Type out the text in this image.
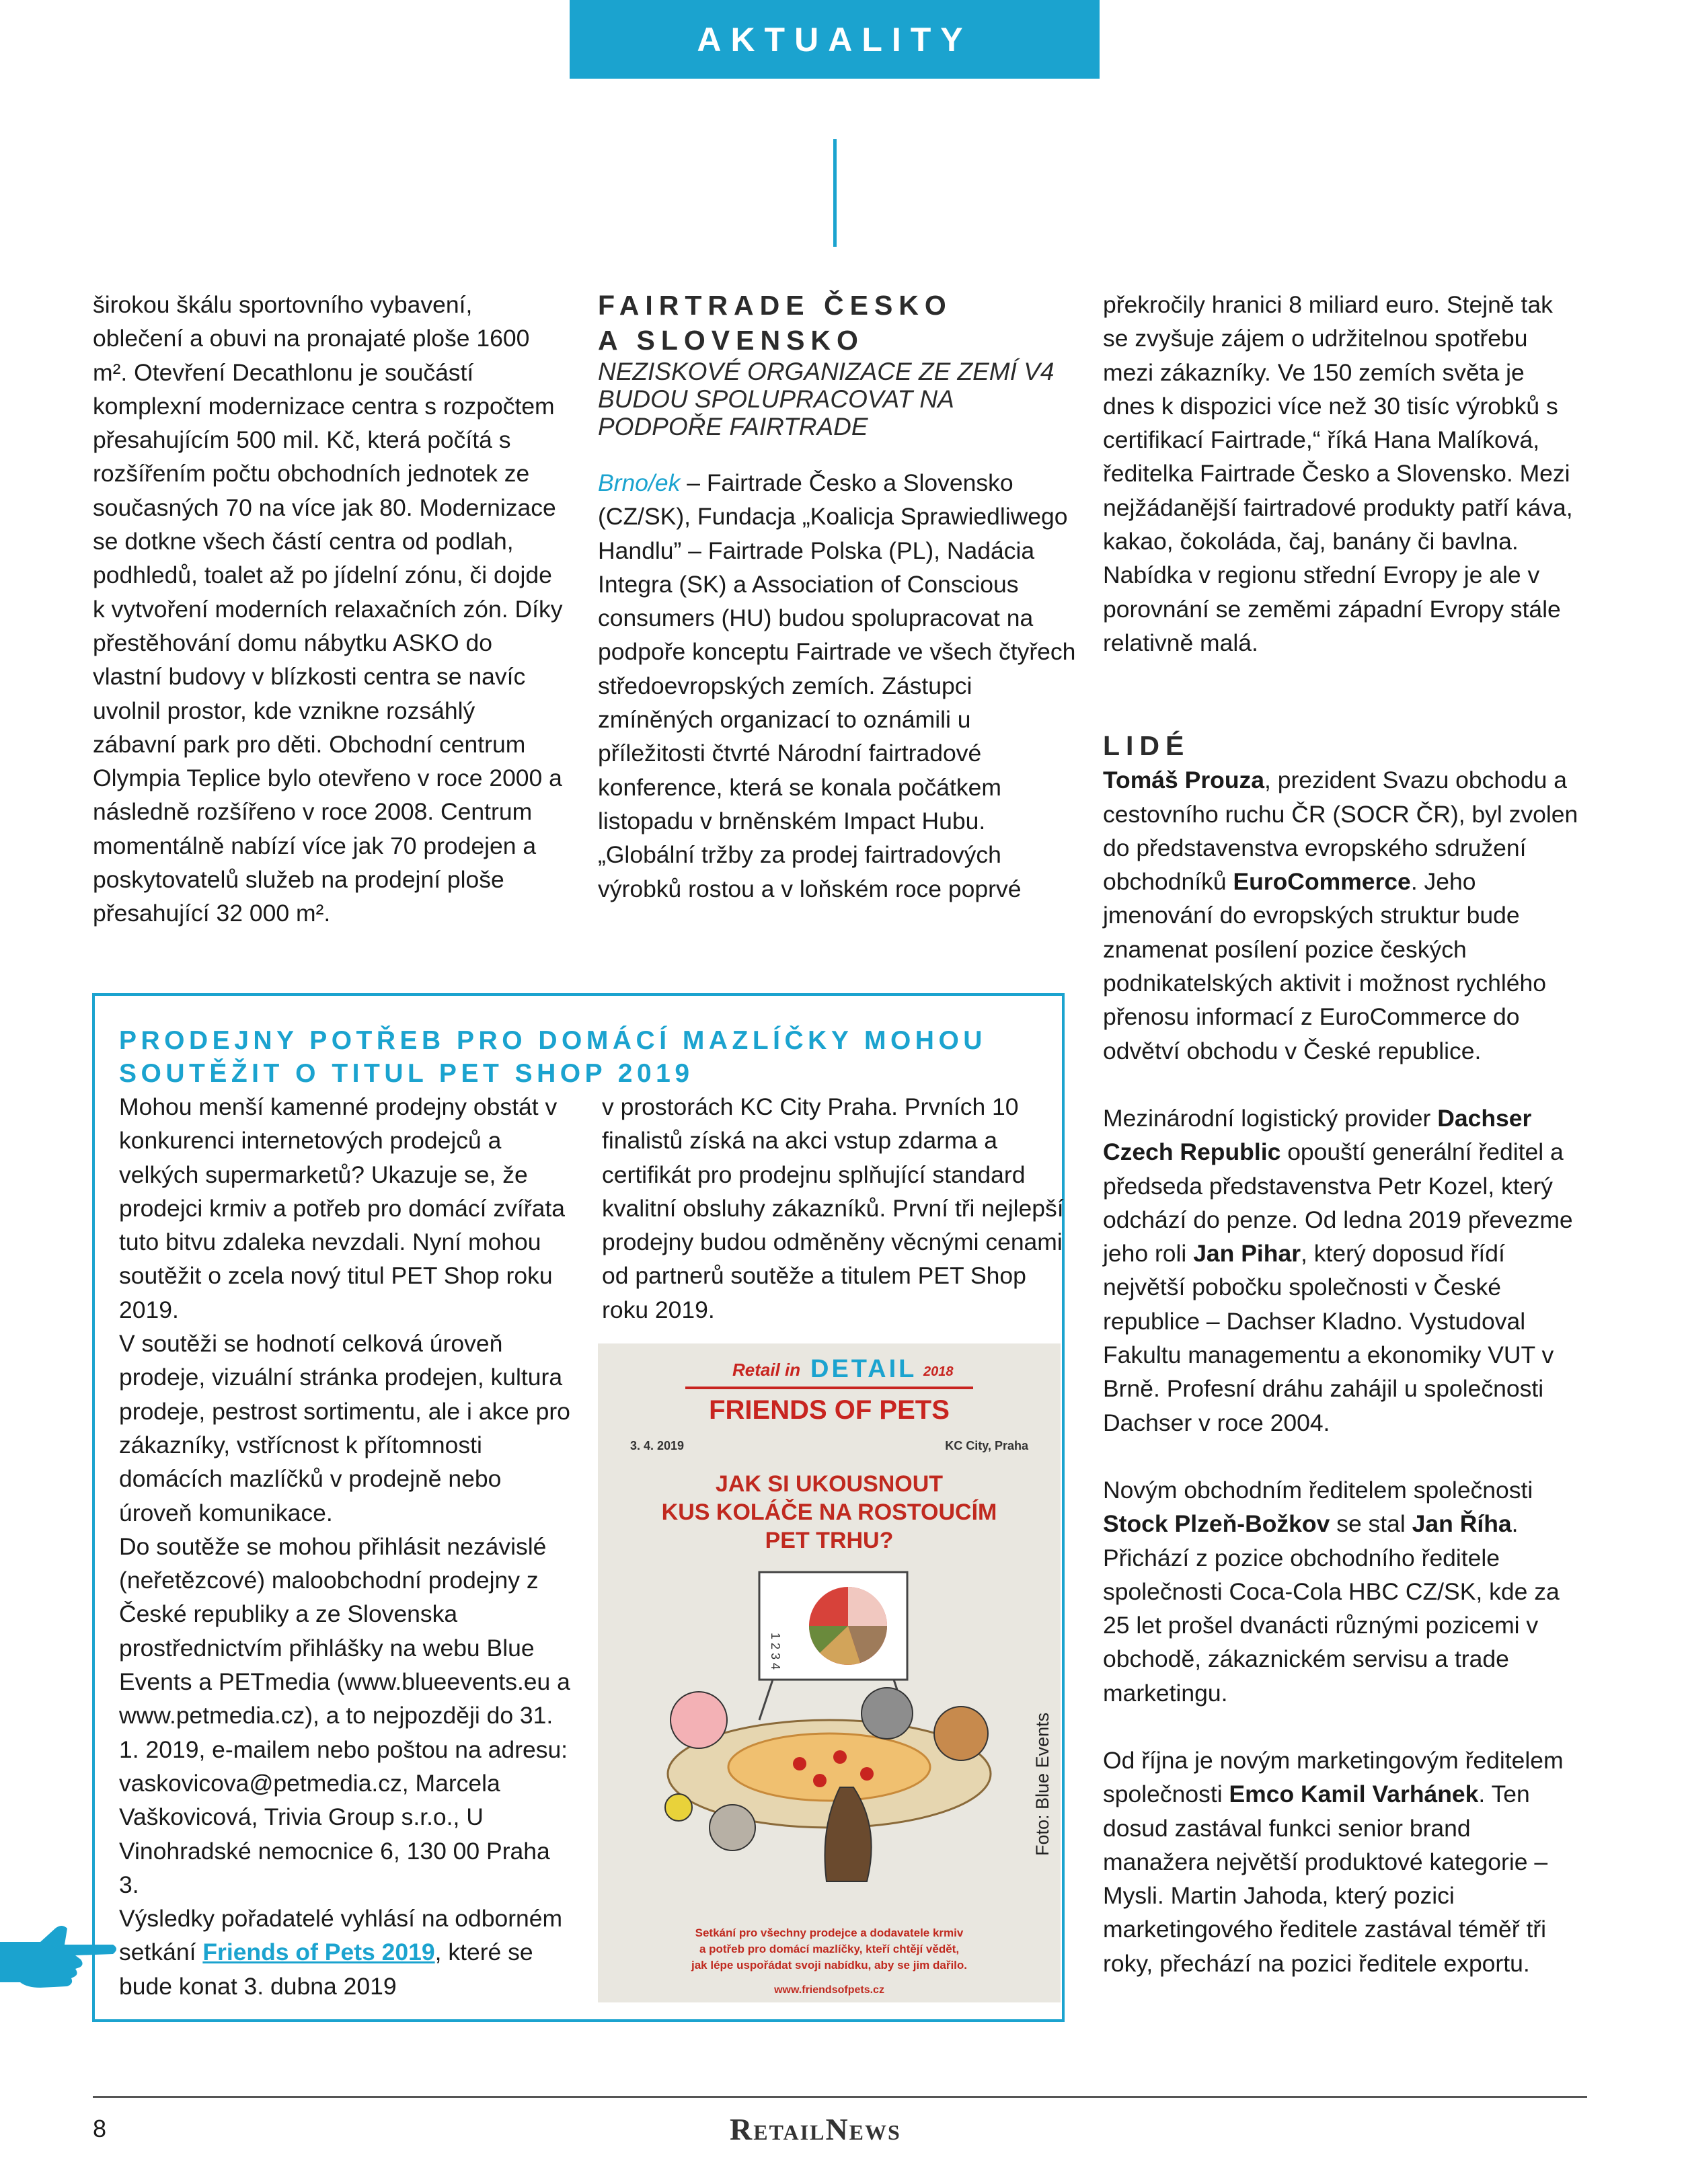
AKTUALITY

širokou škálu sportovního vybavení, oblečení a obuvi na pronajaté ploše 1600 m². Otevření Decathlonu je součástí komplexní modernizace centra s rozpočtem přesahujícím 500 mil. Kč, která počítá s rozšířením počtu obchodních jednotek ze současných 70 na více jak 80. Modernizace se dotkne všech částí centra od podlah, podhledů, toalet až po jídelní zónu, či dojde k vytvoření moderních relaxačních zón. Díky přestěhování domu nábytku ASKO do vlastní budovy v blízkosti centra se navíc uvolnil prostor, kde vznikne rozsáhlý zábavní park pro děti. Obchodní centrum Olympia Teplice bylo otevřeno v roce 2000 a následně rozšířeno v roce 2008. Centrum momentálně nabízí více jak 70 prodejen a poskytovatelů služeb na prodejní ploše přesahující 32 000 m².

FAIRTRADE ČESKO
A SLOVENSKO

NEZISKOVÉ ORGANIZACE ZE ZEMÍ V4 BUDOU SPOLUPRACOVAT NA PODPOŘE FAIRTRADE

Brno/ek – Fairtrade Česko a Slovensko (CZ/SK), Fundacja „Koalicja Sprawiedliwego Handlu” – Fairtrade Polska (PL), Nadácia Integra (SK) a Association of Conscious consumers (HU) budou spolupracovat na podpoře konceptu Fairtrade ve všech čtyřech středoevropských zemích. Zástupci zmíněných organizací to oznámili u příležitosti čtvrté Národní fairtradové konference, která se konala počátkem listopadu v brněnském Impact Hubu.

„Globální tržby za prodej fairtradových výrobků rostou a v loňském roce poprvé

překročily hranici 8 miliard euro. Stejně tak se zvyšuje zájem o udržitelnou spotřebu mezi zákazníky. Ve 150 zemích světa je dnes k dispozici více než 30 tisíc výrobků s certifikací Fairtrade,“ říká Hana Malíková, ředitelka Fairtrade Česko a Slovensko. Mezi nejžádanější fairtradové produkty patří káva, kakao, čokoláda, čaj, banány či bavlna. Nabídka v regionu střední Evropy je ale v porovnání se zeměmi západní Evropy stále relativně malá.

LIDÉ

Tomáš Prouza, prezident Svazu obchodu a cestovního ruchu ČR (SOCR ČR), byl zvolen do představenstva evropského sdružení obchodníků EuroCommerce. Jeho jmenování do evropských struktur bude znamenat posílení pozice českých podnikatelských aktivit i možnost rychlého přenosu informací z EuroCommerce do odvětví obchodu v České republice.

Mezinárodní logistický provider Dachser Czech Republic opouští generální ředitel a předseda představenstva Petr Kozel, který odchází do penze. Od ledna 2019 převezme jeho roli Jan Pihar, který doposud řídí největší pobočku společnosti v České republice – Dachser Kladno. Vystudoval Fakultu managementu a ekonomiky VUT v Brně. Profesní dráhu zahájil u společnosti Dachser v roce 2004.

Novým obchodním ředitelem společnosti Stock Plzeň-Božkov se stal Jan Říha. Přichází z pozice obchodního ředitele společnosti Coca-Cola HBC CZ/SK, kde za 25 let prošel dvanácti různými pozicemi v obchodě, zákaznickém servisu a trade marketingu.

Od října je novým marketingovým ředitelem společnosti Emco Kamil Varhánek. Ten dosud zastával funkci senior brand manažera největší produktové kategorie – Mysli. Martin Jahoda, který pozici marketingového ředitele zastával téměř tři roky, přechází na pozici ředitele exportu.

PRODEJNY POTŘEB PRO DOMÁCÍ MAZLÍČKY MOHOU SOUTĚŽIT O TITUL PET SHOP 2019

Mohou menší kamenné prodejny obstát v konkurenci internetových prodejců a velkých supermarketů? Ukazuje se, že prodejci krmiv a potřeb pro domácí zvířata tuto bitvu zdaleka nevzdali. Nyní mohou soutěžit o zcela nový titul PET Shop roku 2019.

V soutěži se hodnotí celková úroveň prodeje, vizuální stránka prodejen, kultura prodeje, pestrost sortimentu, ale i akce pro zákazníky, vstřícnost k přítomnosti domácích mazlíčků v prodejně nebo úroveň komunikace.

Do soutěže se mohou přihlásit nezávislé (neřetězcové) maloobchodní prodejny z České republiky a ze Slovenska prostřednictvím přihlášky na webu Blue Events a PETmedia (www.blueevents.eu a www.petmedia.cz), a to nejpozději do 31. 1. 2019, e-mailem nebo poštou na adresu: vaskovicova@petmedia.cz, Marcela Vaškovicová, Trivia Group s.r.o., U Vinohradské nemocnice 6, 130 00 Praha 3.

Výsledky pořadatelé vyhlásí na odborném setkání Friends of Pets 2019, které se bude konat 3. dubna 2019

v prostorách KC City Praha. Prvních 10 finalistů získá na akci vstup zdarma a certifikát pro prodejnu splňující standard kvalitní obsluhy zákazníků. První tři nejlepší prodejny budou odměněny věcnými cenami od partnerů soutěže a titulem PET Shop roku 2019.

Retail in DETAIL 2018
FRIENDS OF PETS
3. 4. 2019	KC City, Praha
JAK SI UKOUSNOUT
KUS KOLÁČE NA ROSTOUCÍM
PET TRHU?
1 2 3 4
Setkání pro všechny prodejce a dodavatele krmiv
a potřeb pro domácí mazlíčky, kteří chtějí vědět,
jak lépe uspořádat svoji nabídku, aby se jim dařilo.
www.friendsofpets.cz
Foto: Blue Events
8	RetailNews
